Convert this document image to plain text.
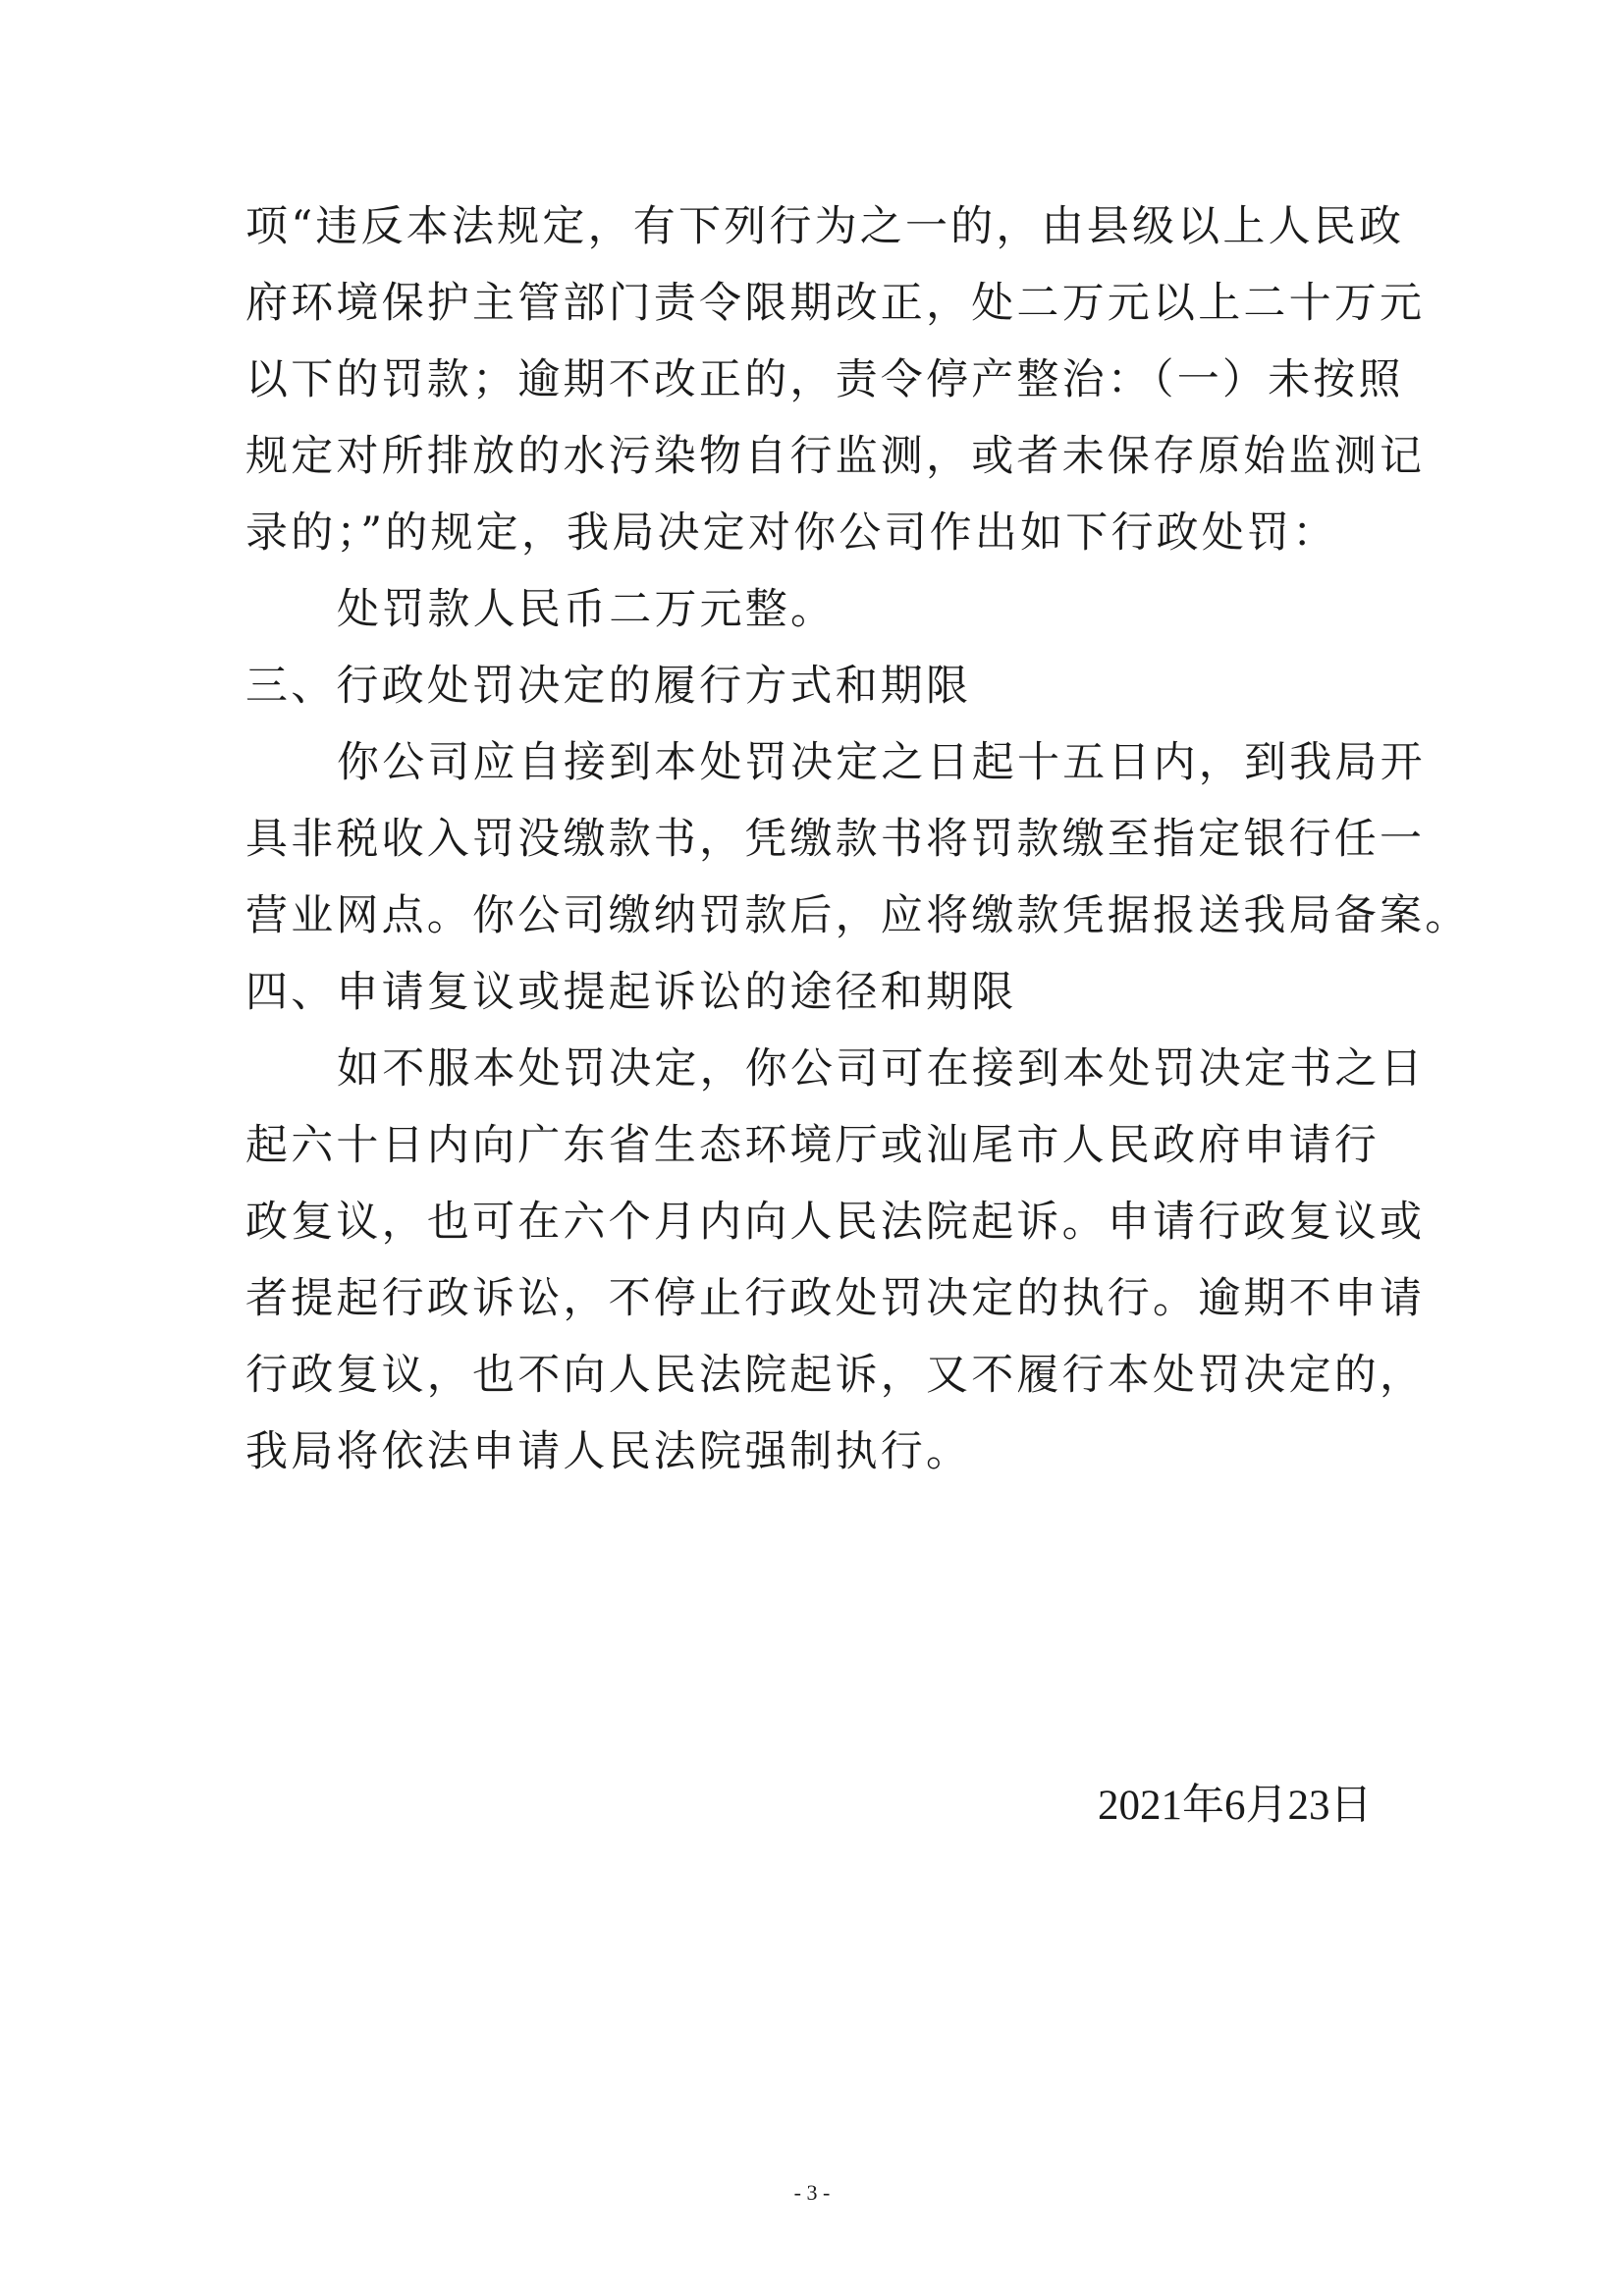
项“违反本法规定，有下列行为之一的，由县级以上人民政
府环境保护主管部门责令限期改正，处二万元以上二十万元
以下的罚款；逾期不改正的，责令停产整治：（一）未按照
规定对所排放的水污染物自行监测，或者未保存原始监测记
录的；”的规定，我局决定对你公司作出如下行政处罚：
处罚款人民币二万元整。
三、行政处罚决定的履行方式和期限
你公司应自接到本处罚决定之日起十五日内，到我局开
具非税收入罚没缴款书，凭缴款书将罚款缴至指定银行任一
营业网点。你公司缴纳罚款后，应将缴款凭据报送我局备案。
四、申请复议或提起诉讼的途径和期限
如不服本处罚决定，你公司可在接到本处罚决定书之日
起六十日内向广东省生态环境厅或汕尾市人民政府申请行
政复议，也可在六个月内向人民法院起诉。申请行政复议或
者提起行政诉讼，不停止行政处罚决定的执行。逾期不申请
行政复议，也不向人民法院起诉，又不履行本处罚决定的，
我局将依法申请人民法院强制执行。
2021年6月23日
- 3 -
